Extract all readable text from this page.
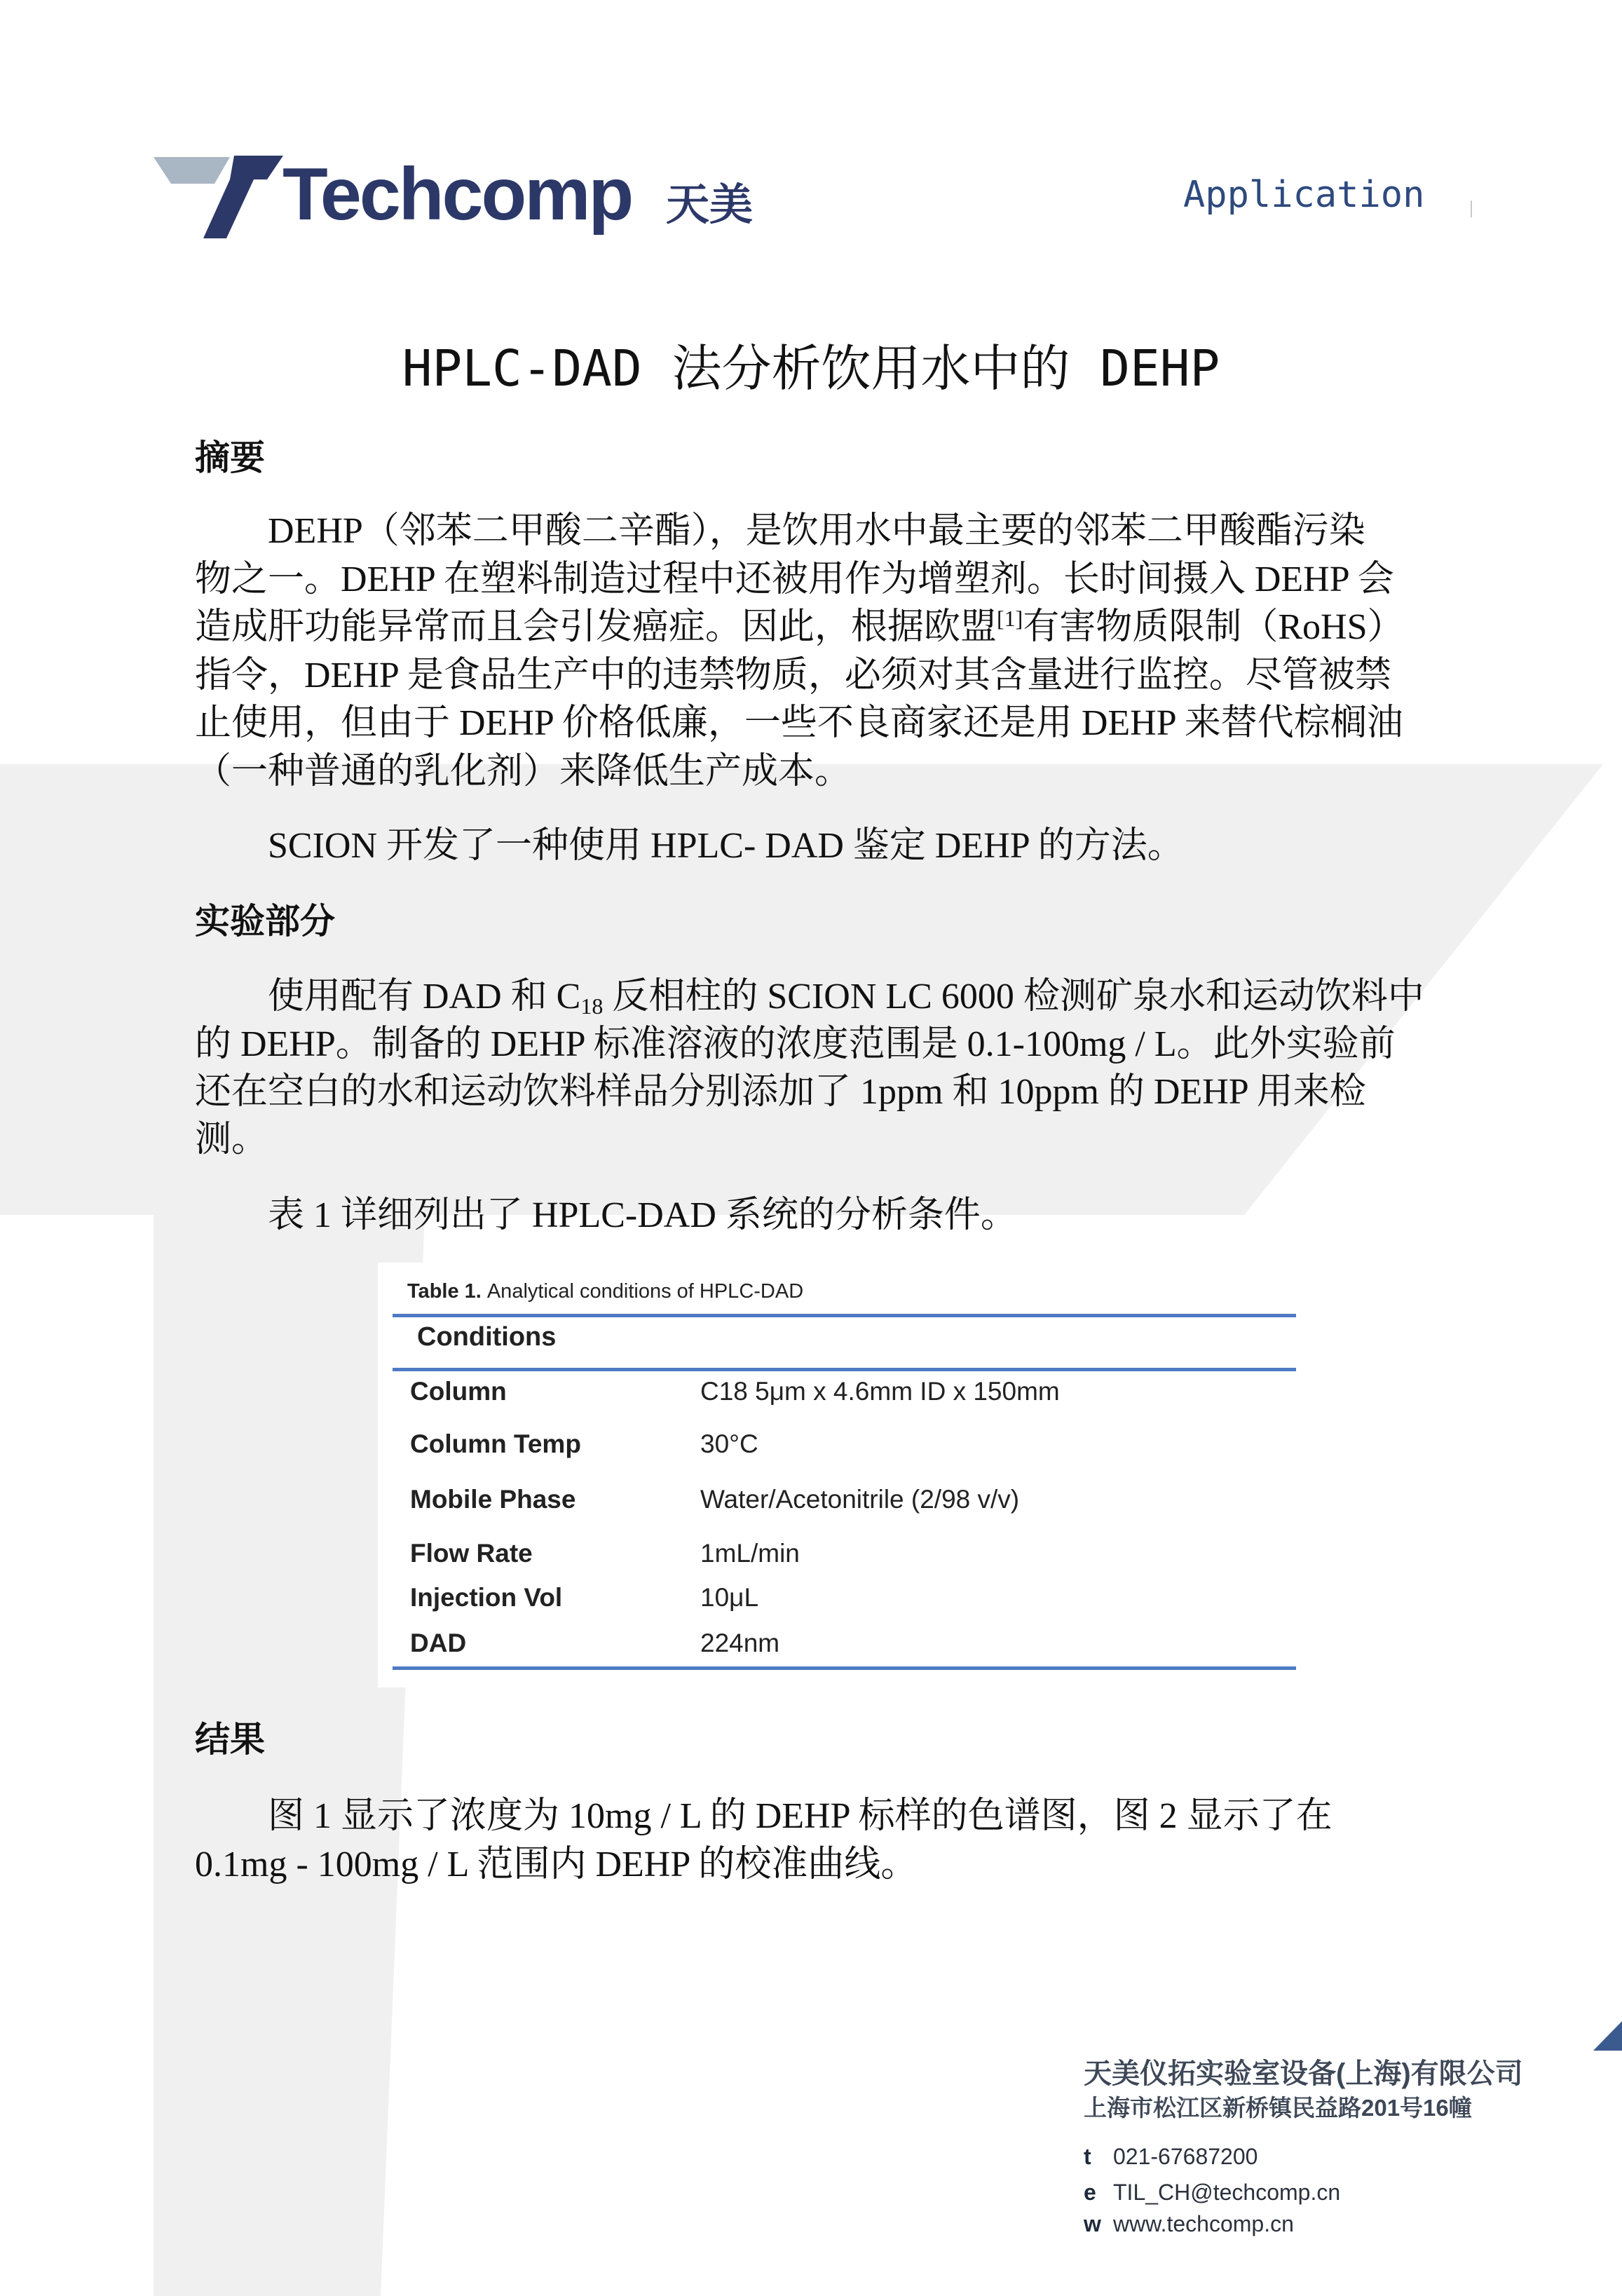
Techcomp 天美	Application
HPLC-DAD 法分析饮用水中的 DEHP
摘要
DEHP（邻苯二甲酸二辛酯），是饮用水中最主要的邻苯二甲酸酯污染
物之一。DEHP 在塑料制造过程中还被用作为增塑剂。长时间摄入 DEHP 会
造成肝功能异常而且会引发癌症。因此，根据欧盟[1]有害物质限制（RoHS）
指令，DEHP 是食品生产中的违禁物质，必须对其含量进行监控。尽管被禁
止使用，但由于 DEHP 价格低廉，一些不良商家还是用 DEHP 来替代棕榈油
（一种普通的乳化剂）来降低生产成本。
SCION 开发了一种使用 HPLC- DAD 鉴定 DEHP 的方法。
实验部分
使用配有 DAD 和 $C_{18}$ 反相柱的 SCION LC 6000 检测矿泉水和运动饮料中
的 DEHP。制备的 DEHP 标准溶液的浓度范围是 0.1-100mg / L。此外实验前
还在空白的水和运动饮料样品分别添加了 1ppm 和 10ppm 的 DEHP 用来检
测。
表 1 详细列出了 HPLC-DAD 系统的分析条件。
Table 1. Analytical conditions of HPLC-DAD
Conditions
Column	C18 5μm x 4.6mm ID x 150mm
Column Temp	30°C
Mobile Phase	Water/Acetonitrile (2/98 v/v)
Flow Rate	1mL/min
Injection Vol	10μL
DAD	224nm
结果
图 1 显示了浓度为 10mg / L 的 DEHP 标样的色谱图，图 2 显示了在
0.1mg - 100mg / L 范围内 DEHP 的校准曲线。
天美仪拓实验室设备(上海)有限公司
上海市松江区新桥镇民益路201号16幢
t 021-67687200
e TIL_CH@techcomp.cn
w www.techcomp.cn
